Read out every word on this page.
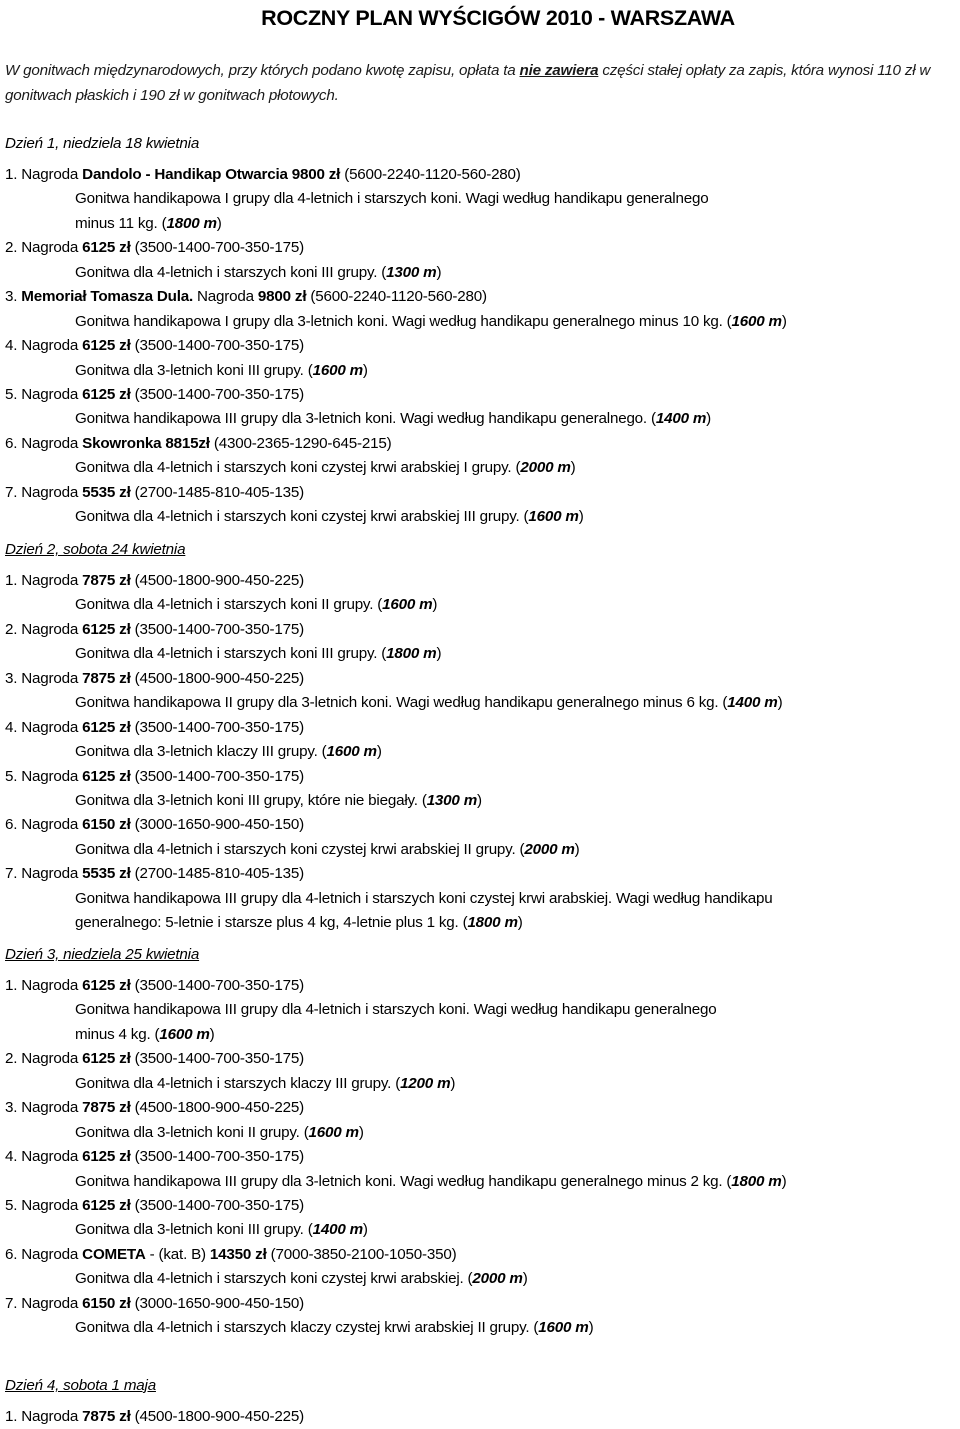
ROCZNY PLAN WYŚCIGÓW 2010 - WARSZAWA
W gonitwach międzynarodowych, przy których podano kwotę zapisu, opłata ta nie zawiera części stałej opłaty za zapis, która wynosi 110 zł w gonitwach płaskich i 190 zł w gonitwach płotowych.
Dzień 1, niedziela 18 kwietnia
1. Nagroda Dandolo - Handikap Otwarcia 9800 zł (5600-2240-1120-560-280)
Gonitwa handikapowa I grupy dla 4-letnich i starszych koni. Wagi według handikapu generalnego
minus 11 kg. (1800 m)
2. Nagroda 6125 zł (3500-1400-700-350-175)
Gonitwa dla 4-letnich i starszych koni III grupy. (1300 m)
3. Memoriał Tomasza Dula. Nagroda 9800 zł (5600-2240-1120-560-280)
Gonitwa handikapowa I grupy dla 3-letnich koni. Wagi według handikapu generalnego minus 10 kg. (1600 m)
4. Nagroda 6125 zł (3500-1400-700-350-175)
Gonitwa dla 3-letnich koni III grupy. (1600 m)
5. Nagroda 6125 zł (3500-1400-700-350-175)
Gonitwa handikapowa III grupy dla 3-letnich koni. Wagi według handikapu generalnego. (1400 m)
6. Nagroda Skowronka 8815zł (4300-2365-1290-645-215)
Gonitwa dla 4-letnich i starszych koni czystej krwi arabskiej I grupy. (2000 m)
7. Nagroda 5535 zł (2700-1485-810-405-135)
Gonitwa dla 4-letnich i starszych koni czystej krwi arabskiej III grupy. (1600 m)
Dzień 2, sobota 24 kwietnia
1. Nagroda 7875 zł (4500-1800-900-450-225)
Gonitwa dla 4-letnich i starszych koni II grupy. (1600 m)
2. Nagroda 6125 zł (3500-1400-700-350-175)
Gonitwa dla 4-letnich i starszych koni III grupy. (1800 m)
3. Nagroda 7875 zł (4500-1800-900-450-225)
Gonitwa handikapowa II grupy dla 3-letnich koni. Wagi według handikapu generalnego minus 6 kg. (1400 m)
4. Nagroda 6125 zł (3500-1400-700-350-175)
Gonitwa dla 3-letnich klaczy III grupy. (1600 m)
5. Nagroda 6125 zł (3500-1400-700-350-175)
Gonitwa dla 3-letnich koni III grupy, które nie biegały. (1300 m)
6. Nagroda 6150 zł (3000-1650-900-450-150)
Gonitwa dla 4-letnich i starszych koni czystej krwi arabskiej II grupy. (2000 m)
7. Nagroda 5535 zł (2700-1485-810-405-135)
Gonitwa handikapowa III grupy dla 4-letnich i starszych koni czystej krwi arabskiej. Wagi według handikapu
generalnego: 5-letnie i starsze plus 4 kg, 4-letnie plus 1 kg. (1800 m)
Dzień 3, niedziela 25 kwietnia
1. Nagroda 6125 zł (3500-1400-700-350-175)
Gonitwa handikapowa III grupy dla 4-letnich i starszych koni. Wagi według handikapu generalnego
minus 4 kg. (1600 m)
2. Nagroda 6125 zł (3500-1400-700-350-175)
Gonitwa dla 4-letnich i starszych klaczy III grupy. (1200 m)
3. Nagroda 7875 zł (4500-1800-900-450-225)
Gonitwa dla 3-letnich koni II grupy. (1600 m)
4. Nagroda 6125 zł (3500-1400-700-350-175)
Gonitwa handikapowa III grupy dla 3-letnich koni. Wagi według handikapu generalnego minus 2 kg. (1800 m)
5. Nagroda 6125 zł (3500-1400-700-350-175)
Gonitwa dla 3-letnich koni III grupy. (1400 m)
6. Nagroda COMETA - (kat. B) 14350 zł (7000-3850-2100-1050-350)
Gonitwa dla 4-letnich i starszych koni czystej krwi arabskiej. (2000 m)
7. Nagroda 6150 zł (3000-1650-900-450-150)
Gonitwa dla 4-letnich i starszych klaczy czystej krwi arabskiej II grupy. (1600 m)
Dzień 4, sobota 1 maja
1. Nagroda 7875 zł (4500-1800-900-450-225)
